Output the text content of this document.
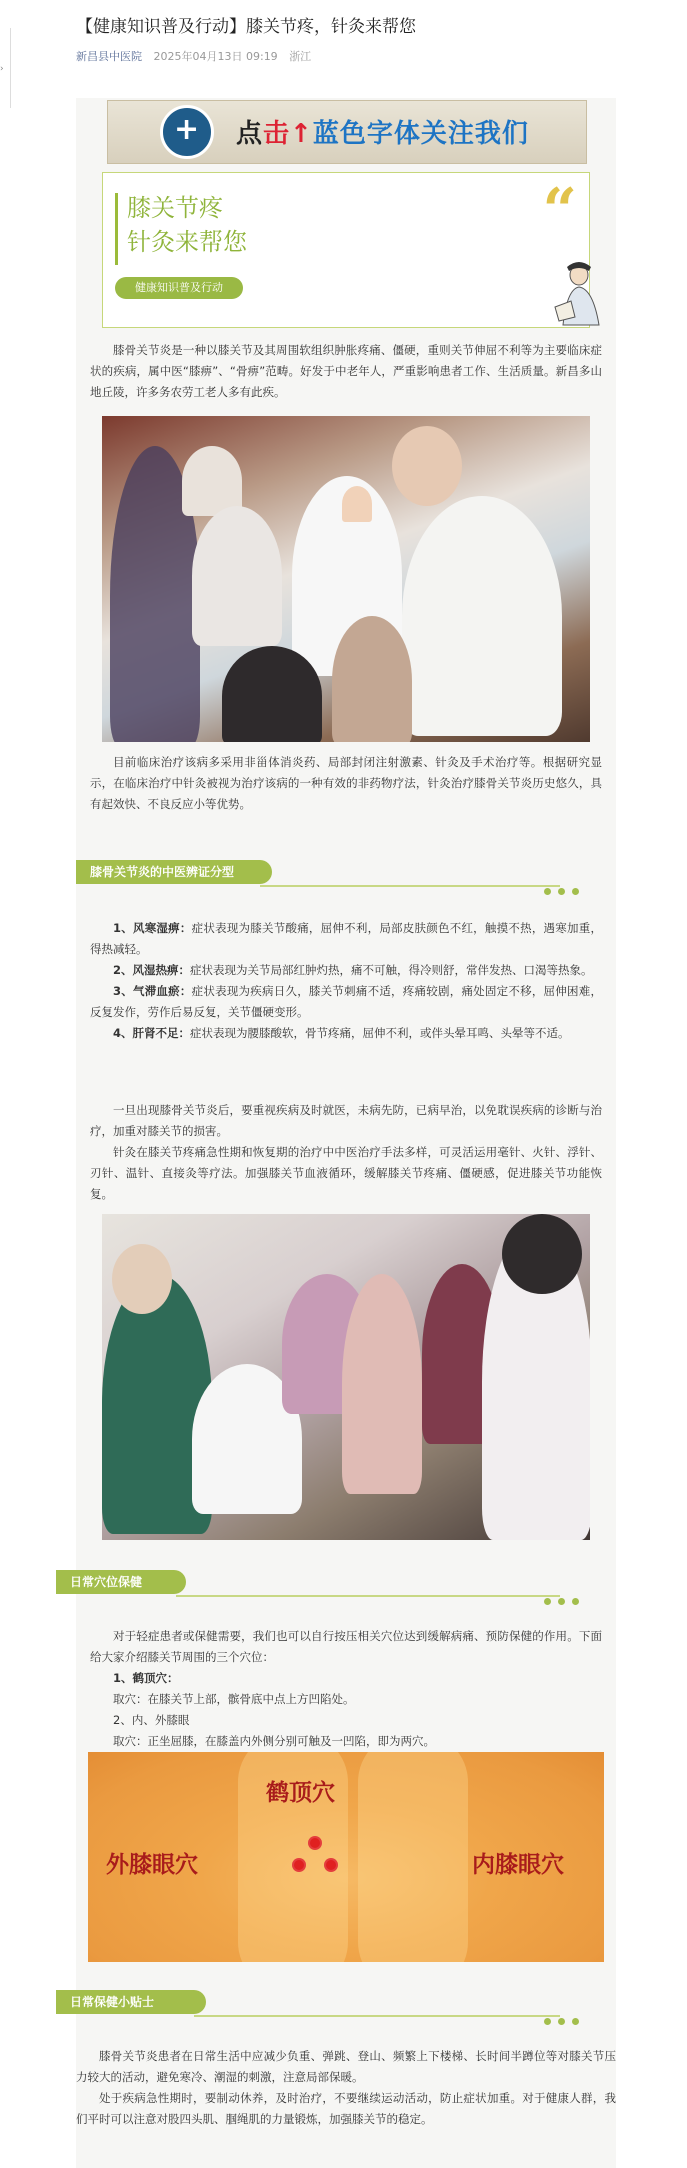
›
【健康知识普及行动】膝关节疼，针灸来帮您
新昌县中医院 2025年04月13日 09:19 浙江
+
点击↑蓝色字体关注我们
膝关节疼
针灸来帮您	“
健康知识普及行动
膝骨关节炎是一种以膝关节及其周围软组织肿胀疼痛、僵硬，重则关节伸屈不利等为主要临床症状的疾病，属中医“膝痹”、“骨痹”范畴。好发于中老年人，严重影响患者工作、生活质量。新昌多山地丘陵，许多务农劳工老人多有此疾。
目前临床治疗该病多采用非甾体消炎药、局部封闭注射激素、针灸及手术治疗等。根据研究显示，在临床治疗中针灸被视为治疗该病的一种有效的非药物疗法，针灸治疗膝骨关节炎历史悠久，具有起效快、不良反应小等优势。
膝骨关节炎的中医辨证分型
1、风寒湿痹：症状表现为膝关节酸痛，屈伸不利，局部皮肤颜色不红，触摸不热，遇寒加重，得热减轻。
2、风湿热痹：症状表现为关节局部红肿灼热，痛不可触，得冷则舒，常伴发热、口渴等热象。
3、气滞血瘀：症状表现为疾病日久，膝关节刺痛不适，疼痛较剧，痛处固定不移，屈伸困难，反复发作，劳作后易反复，关节僵硬变形。
4、肝肾不足：症状表现为腰膝酸软，骨节疼痛，屈伸不利，或伴头晕耳鸣、头晕等不适。
一旦出现膝骨关节炎后，要重视疾病及时就医，未病先防，已病早治，以免耽误疾病的诊断与治疗，加重对膝关节的损害。
针灸在膝关节疼痛急性期和恢复期的治疗中中医治疗手法多样，可灵活运用毫针、火针、浮针、刃针、温针、直接灸等疗法。加强膝关节血液循环，缓解膝关节疼痛、僵硬感，促进膝关节功能恢复。
日常穴位保健
对于轻症患者或保健需要，我们也可以自行按压相关穴位达到缓解病痛、预防保健的作用。下面给大家介绍膝关节周围的三个穴位：
1、鹤顶穴：
取穴：在膝关节上部，髌骨底中点上方凹陷处。
2、内、外膝眼
取穴：正坐屈膝，在膝盖内外侧分别可触及一凹陷，即为两穴。
鹤顶穴
外膝眼穴	内膝眼穴
日常保健小贴士
膝骨关节炎患者在日常生活中应减少负重、弹跳、登山、频繁上下楼梯、长时间半蹲位等对膝关节压力较大的活动，避免寒冷、潮湿的刺激，注意局部保暖。
处于疾病急性期时，要制动休养，及时治疗，不要继续运动活动，防止症状加重。对于健康人群，我们平时可以注意对股四头肌、腘绳肌的力量锻炼，加强膝关节的稳定。
